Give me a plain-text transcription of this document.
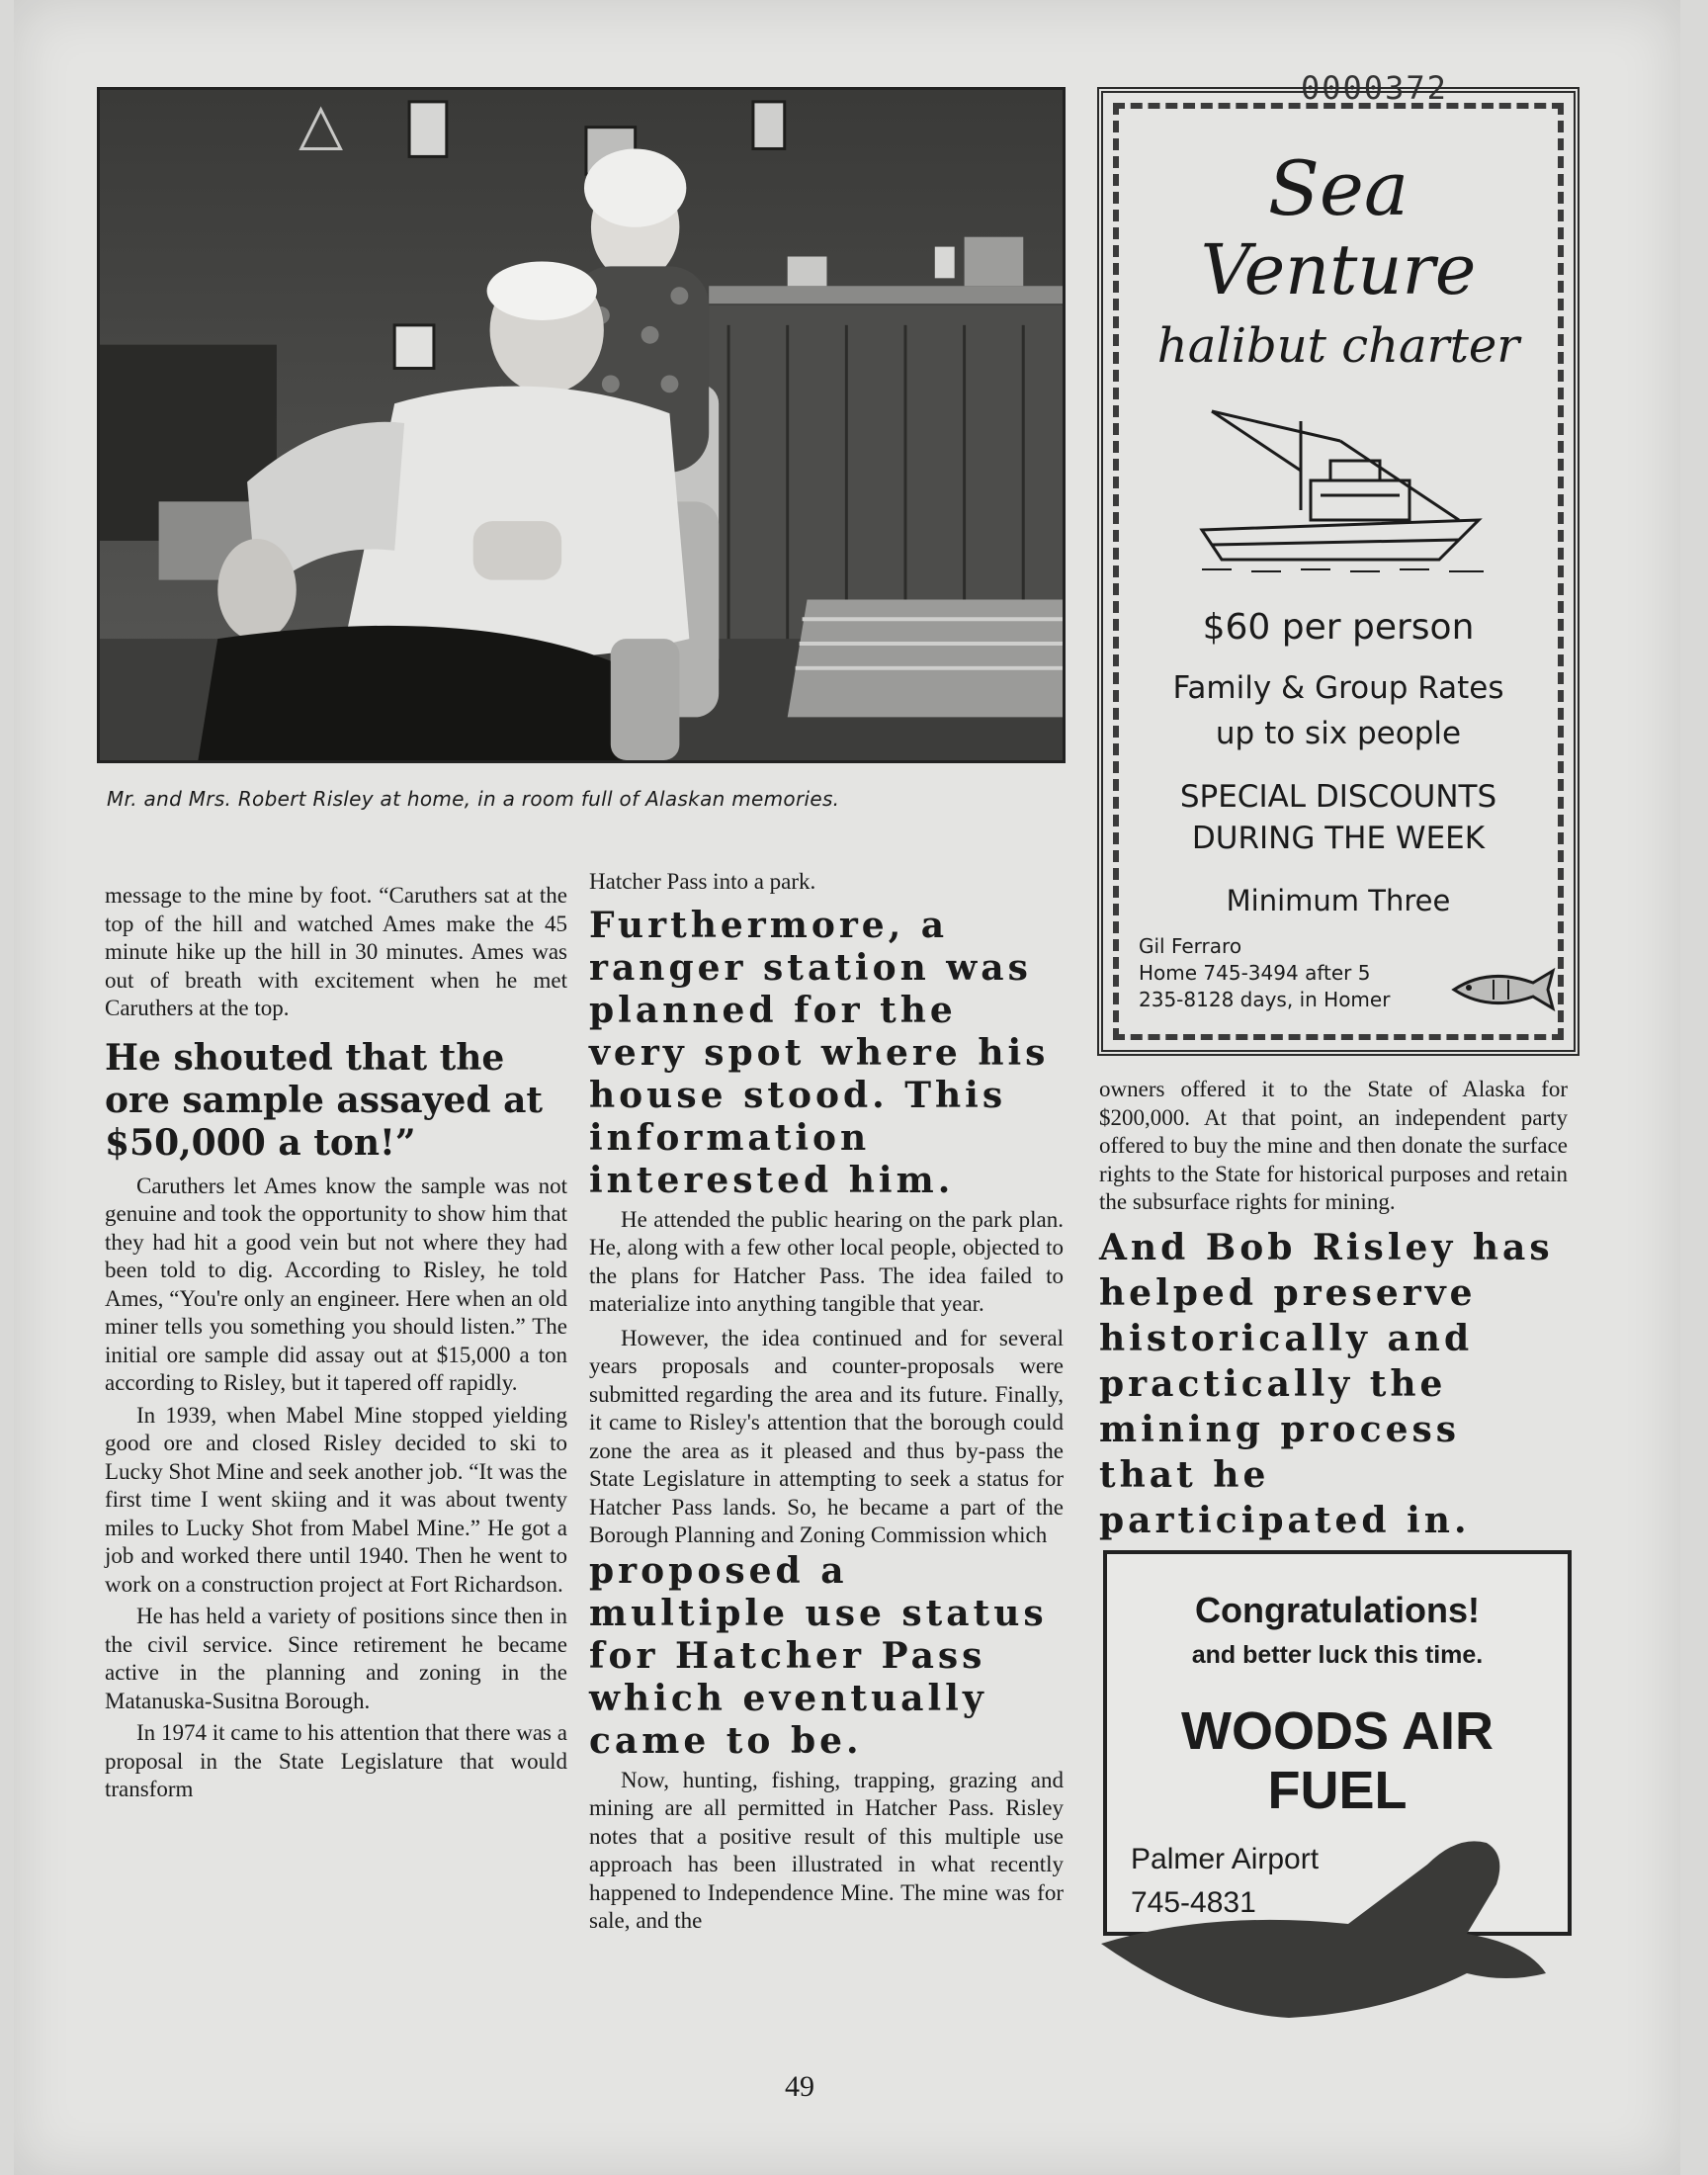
0000372
Mr. and Mrs. Robert Risley at home, in a room full of Alaskan memories.

message to the mine by foot. “Caruthers sat at the top of the hill and watched Ames make the 45 minute hike up the hill in 30 minutes. Ames was out of breath with excitement when he met Caruthers at the top.

He shouted that the ore sample assayed at $50,000 a ton!”

Caruthers let Ames know the sample was not genuine and took the opportunity to show him that they had hit a good vein but not where they had been told to dig. According to Risley, he told Ames, “You're only an engineer. Here when an old miner tells you something you should listen.” The initial ore sample did assay out at $15,000 a ton according to Risley, but it tapered off rapidly.

In 1939, when Mabel Mine stopped yielding good ore and closed Risley decided to ski to Lucky Shot Mine and seek another job. “It was the first time I went skiing and it was about twenty miles to Lucky Shot from Mabel Mine.” He got a job and worked there until 1940. Then he went to work on a construction project at Fort Richardson.

He has held a variety of positions since then in the civil service. Since retirement he became active in the planning and zoning in the Matanuska-Susitna Borough.

In 1974 it came to his attention that there was a proposal in the State Legislature that would transform

Hatcher Pass into a park.

Furthermore, a ranger station was planned for the very spot where his house stood. This information interested him.

He attended the public hearing on the park plan. He, along with a few other local people, objected to the plans for Hatcher Pass. The idea failed to materialize into anything tangible that year.

However, the idea continued and for several years proposals and counter-proposals were submitted regarding the area and its future. Finally, it came to Risley's attention that the borough could zone the area as it pleased and thus by-pass the State Legislature in attempting to seek a status for Hatcher Pass lands. So, he became a part of the Borough Planning and Zoning Commission which

proposed a multiple use status for Hatcher Pass which eventually came to be.

Now, hunting, fishing, trapping, grazing and mining are all permitted in Hatcher Pass. Risley notes that a positive result of this multiple use approach has been illustrated in what recently happened to Independence Mine. The mine was for sale, and the

Sea
Venture
halibut charter
$60 per person
Family & Group Rates
up to six people
SPECIAL DISCOUNTS
DURING THE WEEK
Minimum Three
Gil Ferraro
Home 745-3494 after 5
235-8128 days, in Homer

owners offered it to the State of Alaska for $200,000. At that point, an independent party offered to buy the mine and then donate the surface rights to the State for historical purposes and retain the subsurface rights for mining.

And Bob Risley has helped preserve historically and practically the mining process that he participated in.

Congratulations!
and better luck this time.
WOODS AIR
FUEL
Palmer Airport
745-4831
49
